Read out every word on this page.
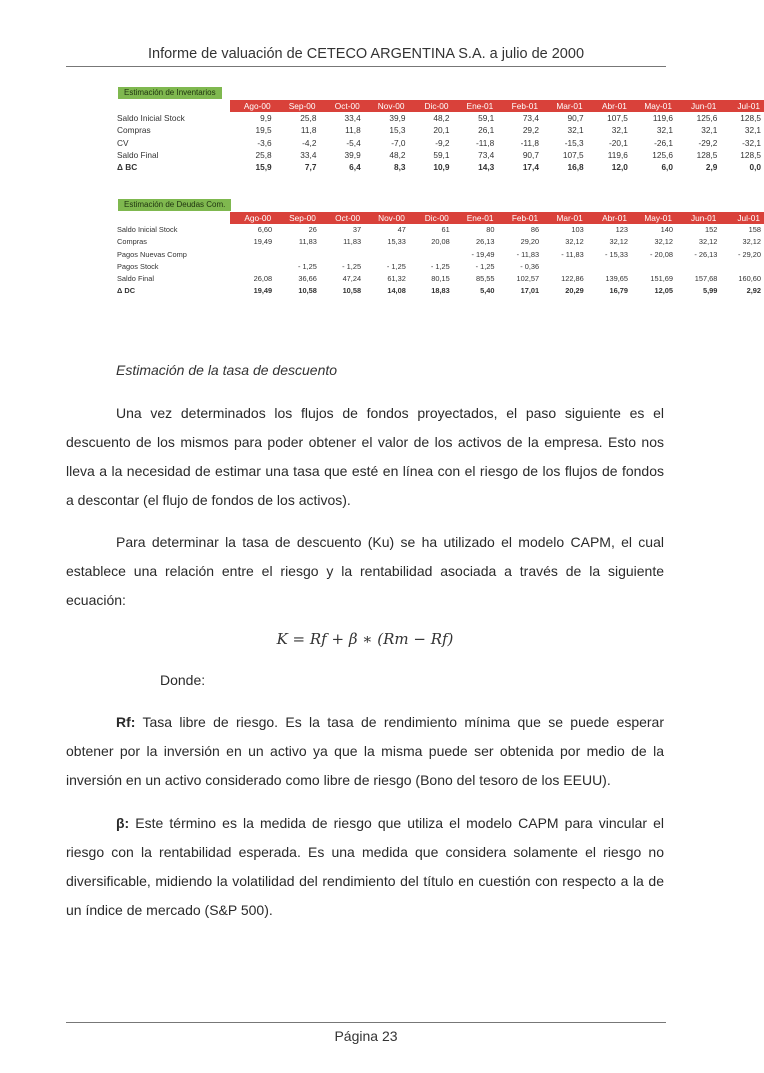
Informe de valuación de CETECO ARGENTINA S.A. a julio de 2000
Estimación de Inventarios
	Ago-00	Sep-00	Oct-00	Nov-00	Dic-00	Ene-01	Feb-01	Mar-01	Abr-01	May-01	Jun-01	Jul-01
Saldo Inicial Stock	9,9	25,8	33,4	39,9	48,2	59,1	73,4	90,7	107,5	119,6	125,6	128,5
Compras	19,5	11,8	11,8	15,3	20,1	26,1	29,2	32,1	32,1	32,1	32,1	32,1
CV	-3,6	-4,2	-5,4	-7,0	-9,2	-11,8	-11,8	-15,3	-20,1	-26,1	-29,2	-32,1
Saldo Final	25,8	33,4	39,9	48,2	59,1	73,4	90,7	107,5	119,6	125,6	128,5	128,5
Δ BC	15,9	7,7	6,4	8,3	10,9	14,3	17,4	16,8	12,0	6,0	2,9	0,0
Estimación de Deudas Com.
	Ago-00	Sep-00	Oct-00	Nov-00	Dic-00	Ene-01	Feb-01	Mar-01	Abr-01	May-01	Jun-01	Jul-01
Saldo Inicial Stock	6,60	26	37	47	61	80	86	103	123	140	152	158
Compras	19,49	11,83	11,83	15,33	20,08	26,13	29,20	32,12	32,12	32,12	32,12	32,12
Pagos Nuevas Comp						- 19,49	- 11,83	- 11,83	- 15,33	- 20,08	- 26,13	- 29,20
Pagos Stock		- 1,25	- 1,25	- 1,25	- 1,25	- 1,25	- 0,36					
Saldo Final	26,08	36,66	47,24	61,32	80,15	85,55	102,57	122,86	139,65	151,69	157,68	160,60
Δ DC	19,49	10,58	10,58	14,08	18,83	5,40	17,01	20,29	16,79	12,05	5,99	2,92
Estimación de la tasa de descuento
Una vez determinados los flujos de fondos proyectados, el paso siguiente es el descuento de los mismos para poder obtener el valor de los activos de la empresa. Esto nos lleva a la necesidad de estimar una tasa que esté en línea con el riesgo de los flujos de fondos a descontar (el flujo de fondos de los activos).
Para determinar la tasa de descuento (Ku) se ha utilizado el modelo CAPM, el cual establece una relación entre el riesgo y la rentabilidad asociada a través de la siguiente ecuación:
K = Rf + β ∗ (Rm − Rf)
Donde:
Rf: Tasa libre de riesgo. Es la tasa de rendimiento mínima que se puede esperar obtener por la inversión en un activo ya que la misma puede ser obtenida por medio de la inversión en un activo considerado como libre de riesgo (Bono del tesoro de los EEUU).
β: Este término es la medida de riesgo que utiliza el modelo CAPM para vincular el riesgo con la rentabilidad esperada. Es una medida que considera solamente el riesgo no diversificable, midiendo la volatilidad del rendimiento del título en cuestión con respecto a la de un índice de mercado (S&P 500).
Página 23
